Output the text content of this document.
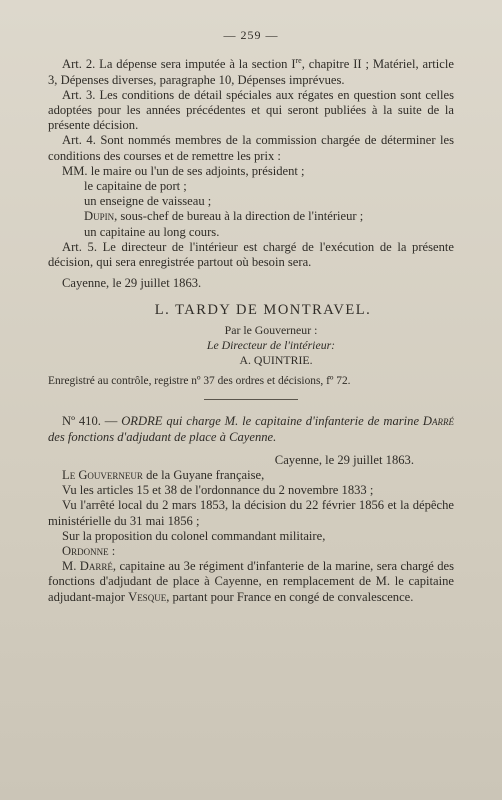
— 259 —

Art. 2. La dépense sera imputée à la section Ire, chapitre II ; Matériel, article 3, Dépenses diverses, paragraphe 10, Dépenses imprévues.

Art. 3. Les conditions de détail spéciales aux régates en question sont celles adoptées pour les années précédentes et qui seront publiées à la suite de la présente décision.

Art. 4. Sont nommés membres de la commission chargée de déterminer les conditions des courses et de remettre les prix :

MM. le maire ou l'un de ses adjoints, président ;

le capitaine de port ;

un enseigne de vaisseau ;

Dupin, sous-chef de bureau à la direction de l'intérieur ;

un capitaine au long cours.

Art. 5. Le directeur de l'intérieur est chargé de l'exécution de la présente décision, qui sera enregistrée partout où besoin sera.

Cayenne, le 29 juillet 1863.

L. TARDY DE MONTRAVEL.
Par le Gouverneur :
Le Directeur de l'intérieur:
A. QUINTRIE.

Enregistré au contrôle, registre nº 37 des ordres et décisions, fº 72.

Nº 410. — ORDRE qui charge M. le capitaine d'infanterie de marine Darré des fonctions d'adjudant de place à Cayenne.

Cayenne, le 29 juillet 1863.

Le Gouverneur de la Guyane française,

Vu les articles 15 et 38 de l'ordonnance du 2 novembre 1833 ;

Vu l'arrêté local du 2 mars 1853, la décision du 22 février 1856 et la dépêche ministérielle du 31 mai 1856 ;

Sur la proposition du colonel commandant militaire,

Ordonne :

M. Darré, capitaine au 3e régiment d'infanterie de la marine, sera chargé des fonctions d'adjudant de place à Cayenne, en remplacement de M. le capitaine adjudant-major Vesque, partant pour France en congé de convalescence.
